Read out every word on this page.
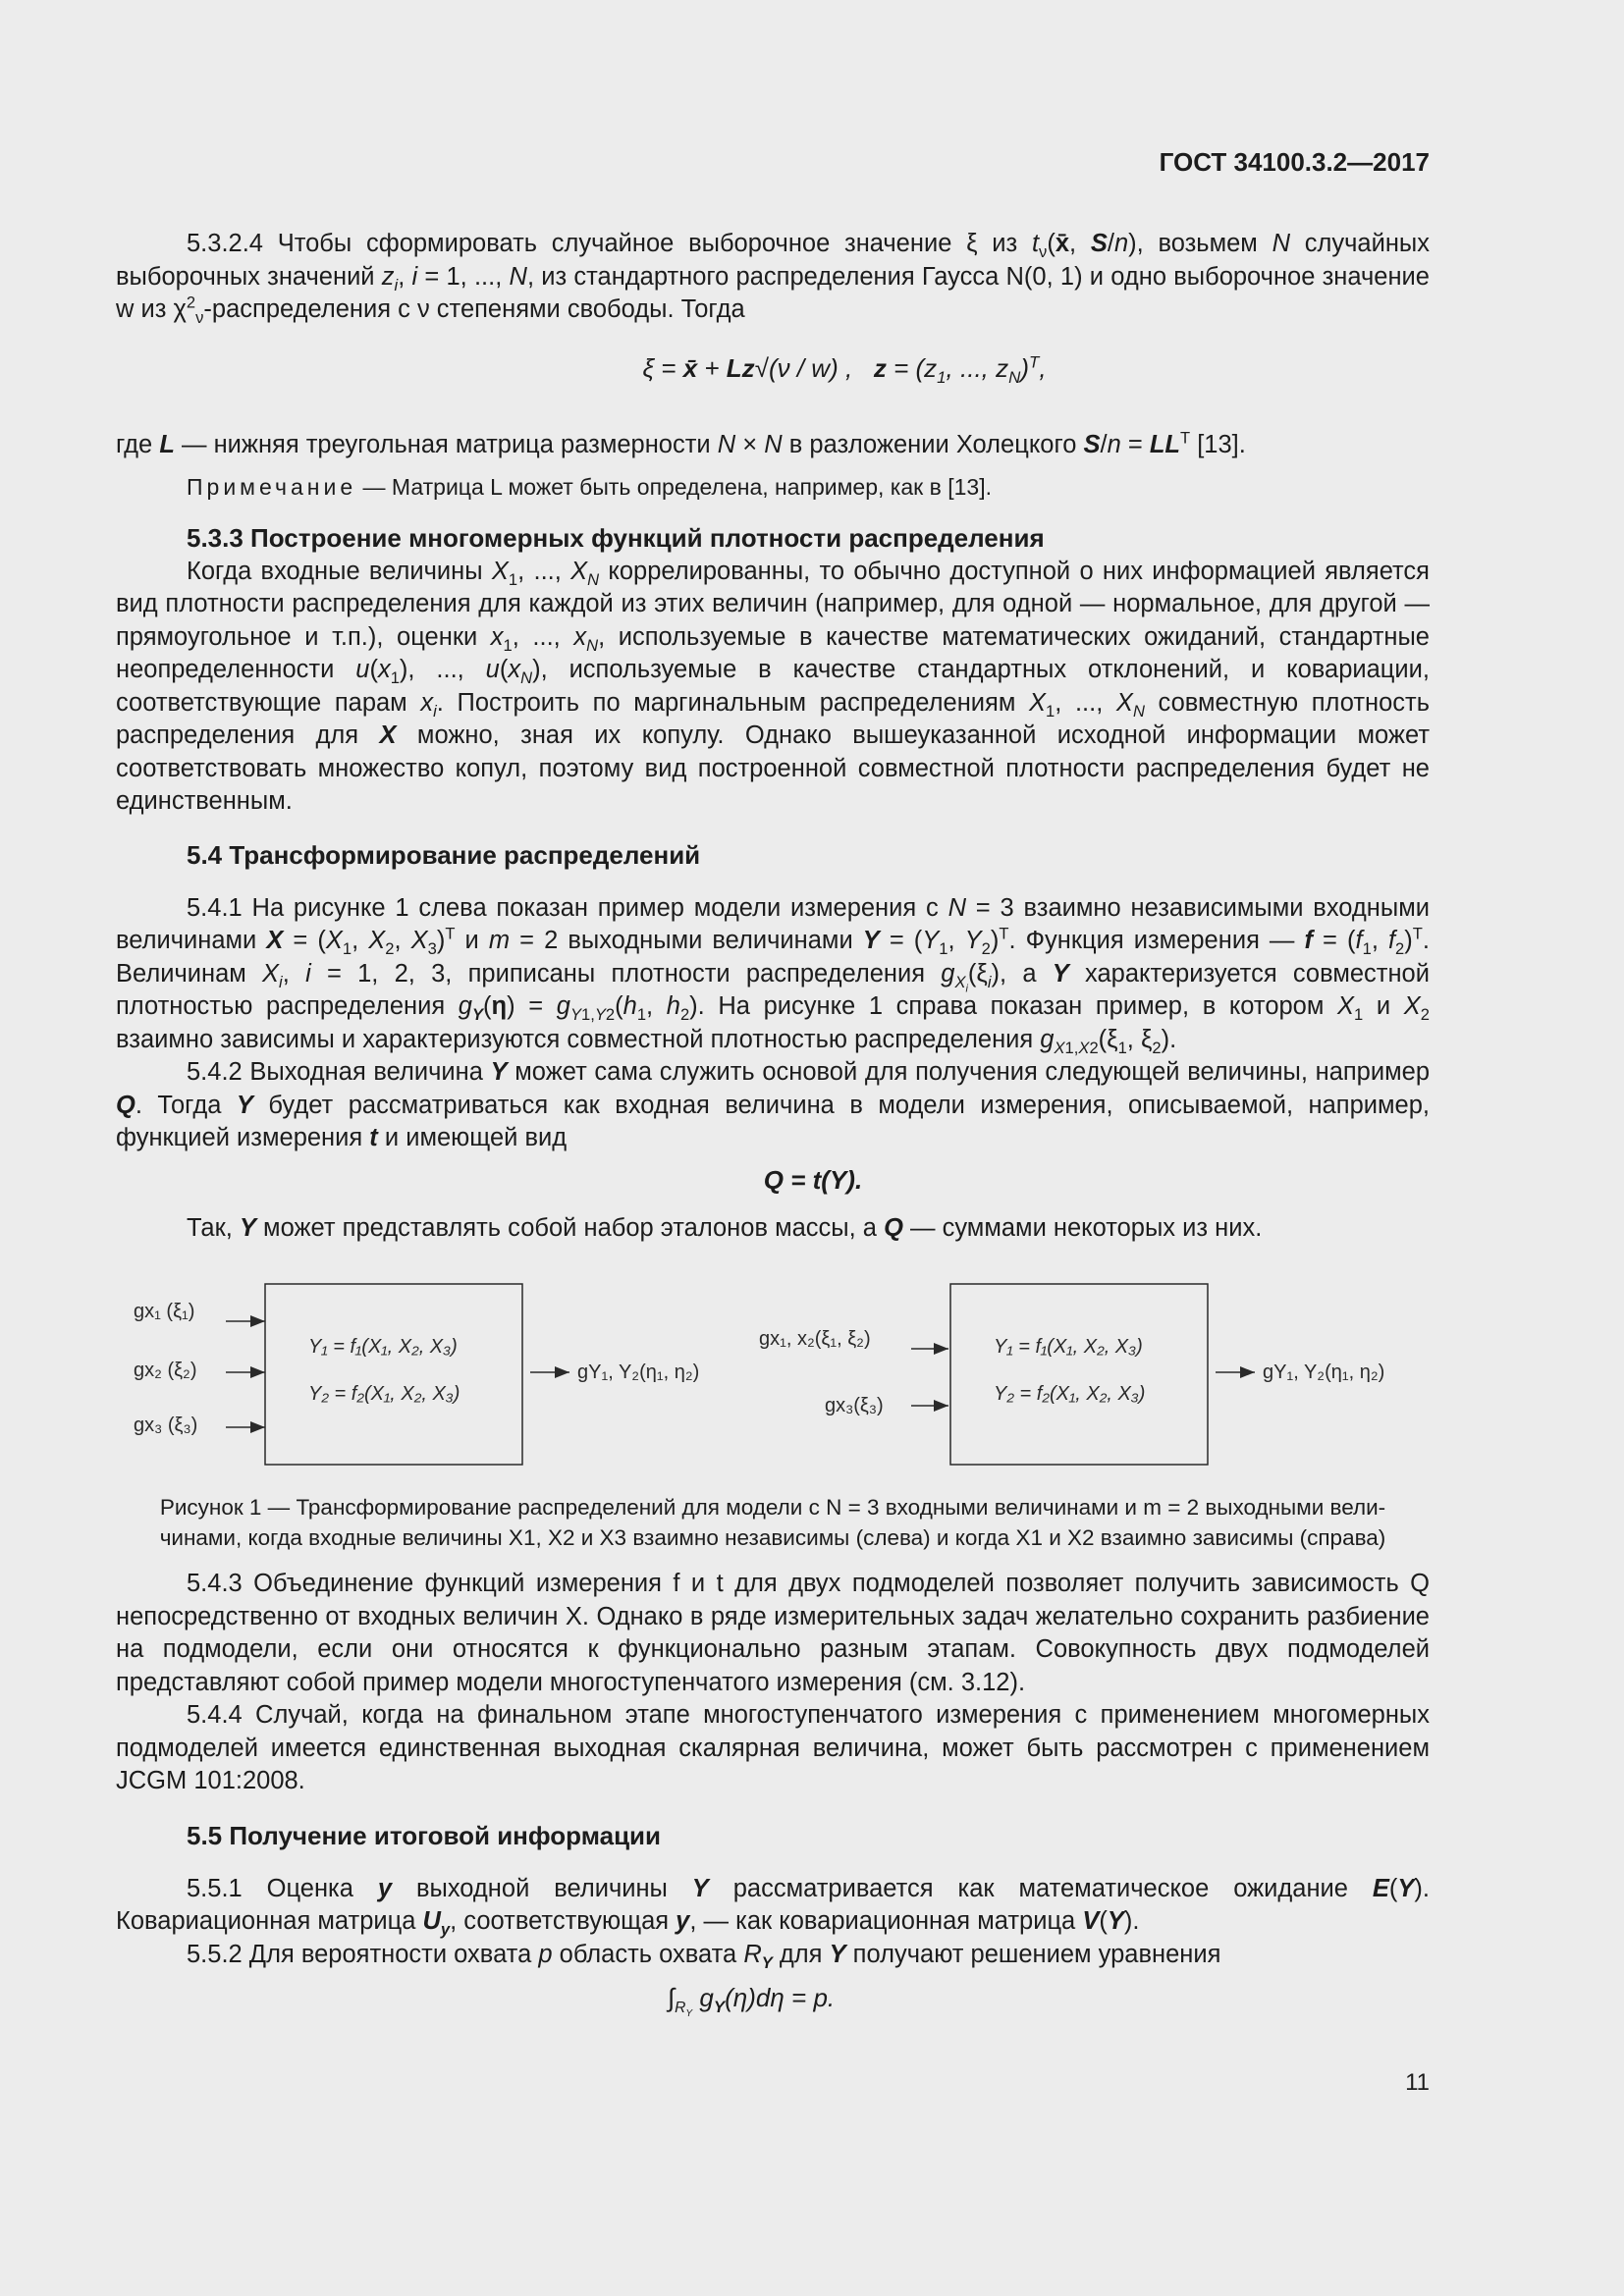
ГОСТ 34100.3.2—2017

5.3.2.4 Чтобы сформировать случайное выборочное значение ξ из $t_\nu(x̄$, S/n), возьмем N случайных выборочных значений $z_i$, i = 1, ..., N, из стандартного распределения Гаусса N(0, 1) и одно выборочное значение w из $\chi^2_\nu$-распределения с ν степенями свободы. Тогда

ξ = x̄ + Lz√(ν / w) ,   $z = (z_1$, ..., $z_N)^T$,
где L — нижняя треугольная матрица размерности N × N в разложении Холецкого $S/n = LL^T$ [13].
Примечание — Матрица L может быть определена, например, как в [13].
5.3.3 Построение многомерных функций плотности распределения

Когда входные величины $X_1$, ..., $X_N$ коррелированны, то обычно доступной о них информацией является вид плотности распределения для каждой из этих величин (например, для одной — нормальное, для другой — прямоугольное и т.п.), оценки $x_1$, ..., $x_N$, используемые в качестве математических ожиданий, стандартные неопределенности $u(x_1)$, ..., $u(x_N)$, используемые в качестве стандартных отклонений, и ковариации, соответствующие парам $x_i$. Построить по маргинальным распределениям $X_1$, ..., $X_N$ совместную плотность распределения для X можно, зная их копулу. Однако вышеуказанной исходной информации может соответствовать множество копул, поэтому вид построенной совместной плотности распределения будет не единственным.

5.4 Трансформирование распределений

5.4.1 На рисунке 1 слева показан пример модели измерения с N = 3 взаимно независимыми входными величинами $X = (X_1$, $X_2$, $X_3)^T$ и m = 2 выходными величинами $Y = (Y_1$, $Y_2)^T$. Функция измерения — $f = (f_1$, $f_2)^T$. Величинам $X_i$, i = 1, 2, 3, приписаны плотности распределения $g_{X_i}(\xi_i)$, а Y характеризуется совместной плотностью распределения $g_Y(\eta) = g_{Y1,Y2}(h_1$, $h_2$). На рисунке 1 справа показан пример, в котором $X_1$ и $X_2$ взаимно зависимы и характеризуются совместной плотностью распределения $g_{X1,X2}(\xi_1$, $\xi_2$).

5.4.2 Выходная величина Y может сама служить основой для получения следующей величины, например Q. Тогда Y будет рассматриваться как входная величина в модели измерения, описываемой, например, функцией измерения t и имеющей вид

Q = t(Y).

Так, Y может представлять собой набор эталонов массы, а Q — суммами некоторых из них.

gx₁ (ξ₁)
gx₂ (ξ₂)
gx₃ (ξ₃)
Y₁ = f₁(X₁, X₂, X₃)
Y₂ = f₂(X₁, X₂, X₃)
gY₁, Y₂(η₁, η₂)
gx₁, x₂(ξ₁, ξ₂)
gx₃(ξ₃)
Y₁ = f₁(X₁, X₂, X₃)
Y₂ = f₂(X₁, X₂, X₃)
gY₁, Y₂(η₁, η₂)
Рисунок 1 — Трансформирование распределений для модели с N = 3 входными величинами и m = 2 выходными вели-
чинами, когда входные величины X1, X2 и X3 взаимно независимы (слева) и когда X1 и X2 взаимно зависимы (справа)

5.4.3 Объединение функций измерения f и t для двух подмоделей позволяет получить зависимость Q непосредственно от входных величин X. Однако в ряде измерительных задач желательно сохранить разбиение на подмодели, если они относятся к функционально разным этапам. Совокупность двух подмоделей представляют собой пример модели многоступенчатого измерения (см. 3.12).

5.4.4 Случай, когда на финальном этапе многоступенчатого измерения с применением многомерных подмоделей имеется единственная выходная скалярная величина, может быть рассмотрен с применением JCGM 101:2008.

5.5 Получение итоговой информации

5.5.1 Оценка y выходной величины Y рассматривается как математическое ожидание E(Y). Ковариационная матрица $U_y$, соответствующая y, — как ковариационная матрица V(Y).

5.5.2 Для вероятности охвата p область охвата $R_Y$ для Y получают решением уравнения

$\int_{R_Y}$ $g_Y(\eta)d\eta = p$.
11
